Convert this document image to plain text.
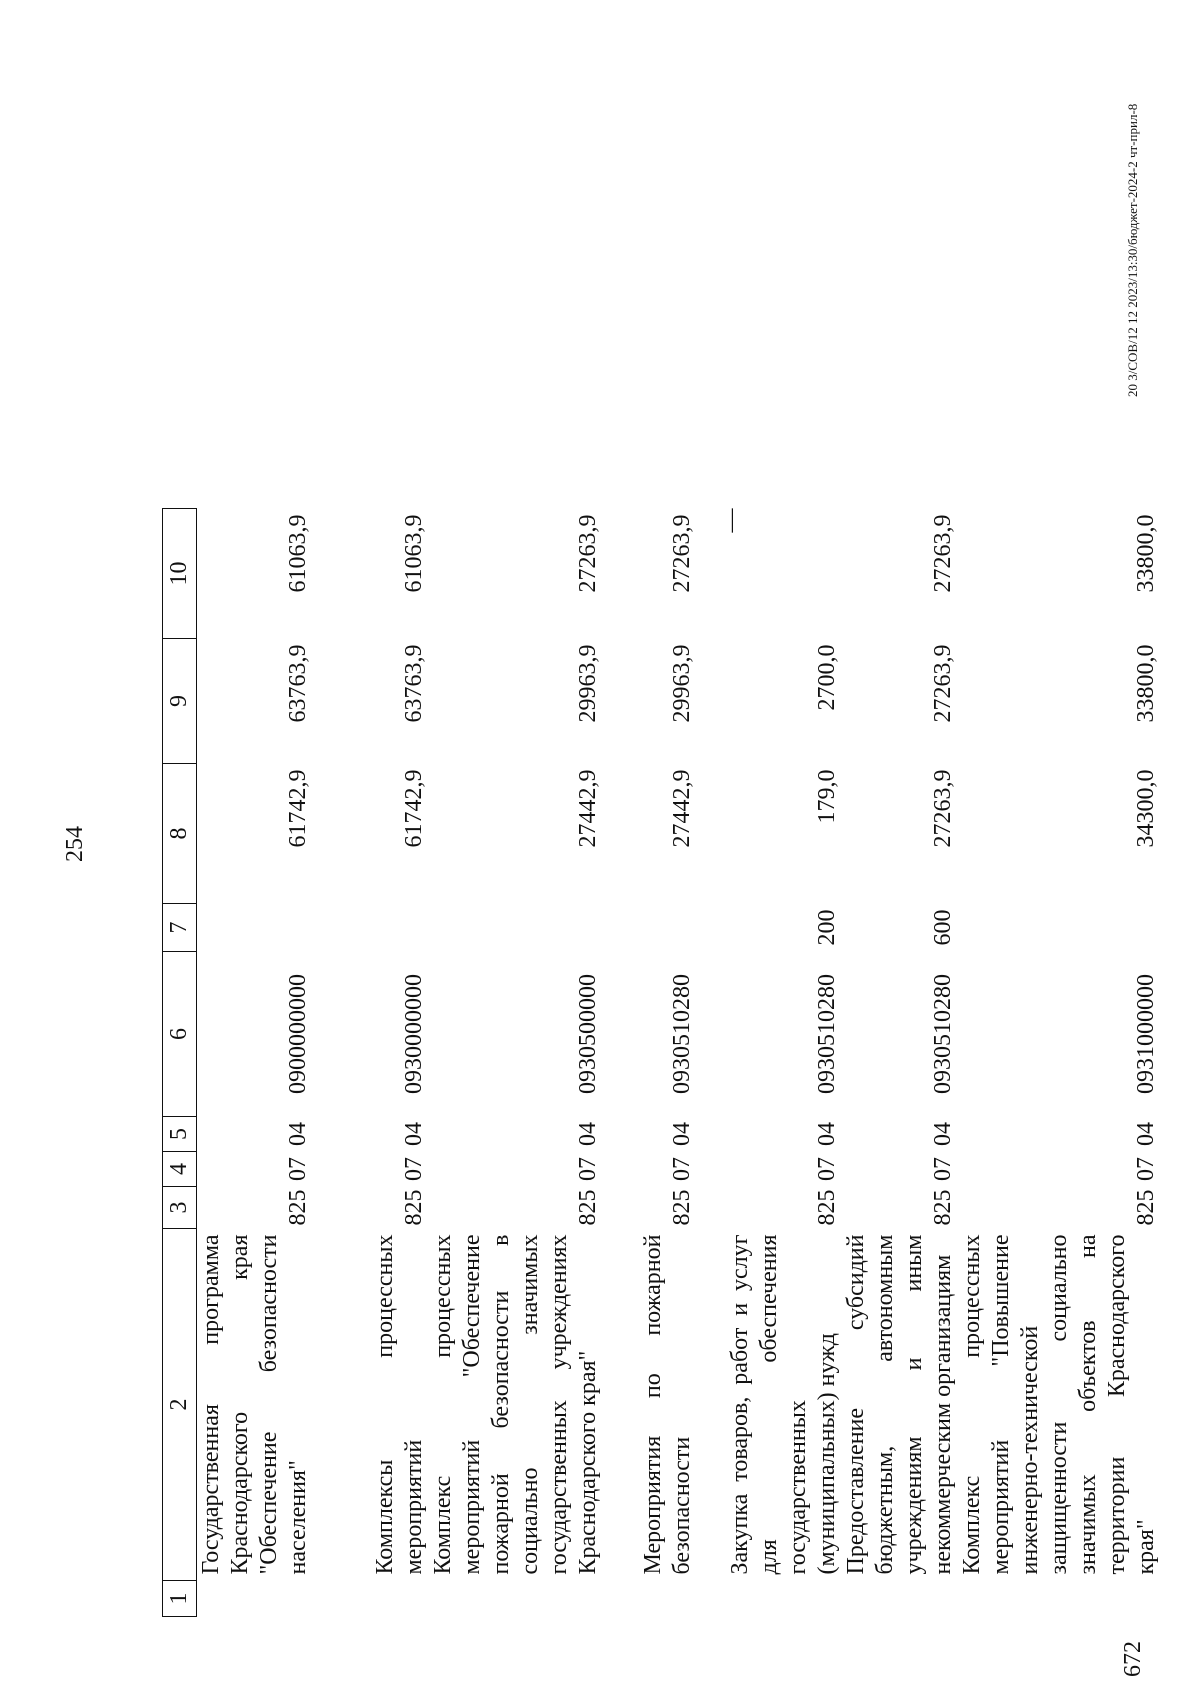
254
1	2	3	4	5	6	7	8	9	10
	Государственная программа Краснодарского края "Обеспечение безопасности населения"	825	07	04	0900000000		61742,9	63763,9	61063,9
	Комплексы процессных мероприятий	825	07	04	0930000000		61742,9	63763,9	61063,9
	Комплекс процессных мероприятий "Обеспечение пожарной безопасности в социально значимых государственных учреждениях Краснодарского края"	825	07	04	0930500000		27442,9	29963,9	27263,9
	Мероприятия по пожарной безопасности	825	07	04	0930510280		27442,9	29963,9	27263,9
	Закупка товаров, работ и услуг для обеспечения государственных (муниципальных) нужд	825	07	04	0930510280	200	179,0	2700,0	—
	Предоставление субсидий бюджетным, автономным учреждениям и иным некоммерческим организациям	825	07	04	0930510280	600	27263,9	27263,9	27263,9
	Комплекс процессных мероприятий "Повышение инженерно-технической защищенности социально значимых объектов на территории Краснодарского края"	825	07	04	0931000000		34300,0	33800,0	33800,0
20 3/СОВ/12 12 2023/13:30/бюджет-2024-2 чт-прил-8
672
